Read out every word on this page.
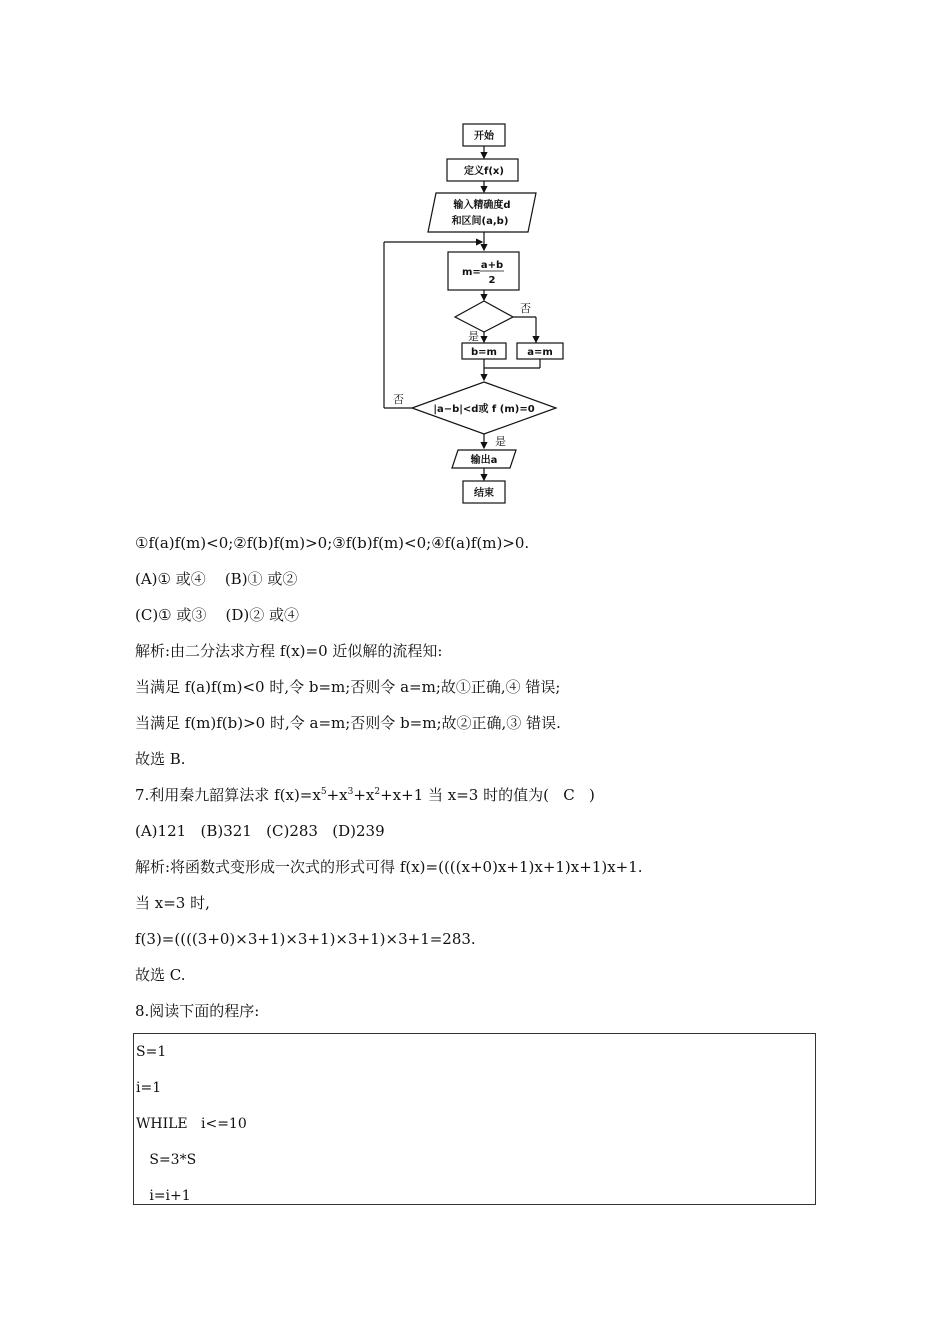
开始
定义f(x)
输入精确度d
和区间(a,b)
m=
a+b
2
是
否
b=m	a=m
|a−b|<d或 f (m)=0
否
是
输出a
结束
①f(a)f(m)<0;②f(b)f(m)>0;③f(b)f(m)<0;④f(a)f(m)>0.
(A)① 或④    (B)① 或②
(C)① 或③    (D)② 或④
解析:由二分法求方程 f(x)=0 近似解的流程知:
当满足 f(a)f(m)<0 时,令 b=m;否则令 a=m;故①正确,④ 错误;
当满足 f(m)f(b)>0 时,令 a=m;否则令 b=m;故②正确,③ 错误.
故选 B.
7.利用秦九韶算法求 $f(x)=x^5+x^3+x^2+x+1$ 当 x=3 时的值为(   C   )
(A)121   (B)321   (C)283   (D)239
解析:将函数式变形成一次式的形式可得 f(x)=((((x+0)x+1)x+1)x+1)x+1.
当 x=3 时,
f(3)=((((3+0)×3+1)×3+1)×3+1)×3+1=283.
故选 C.
8.阅读下面的程序:
S=1
i=1
WHILE   i<=10
S=3*S
i=i+1
